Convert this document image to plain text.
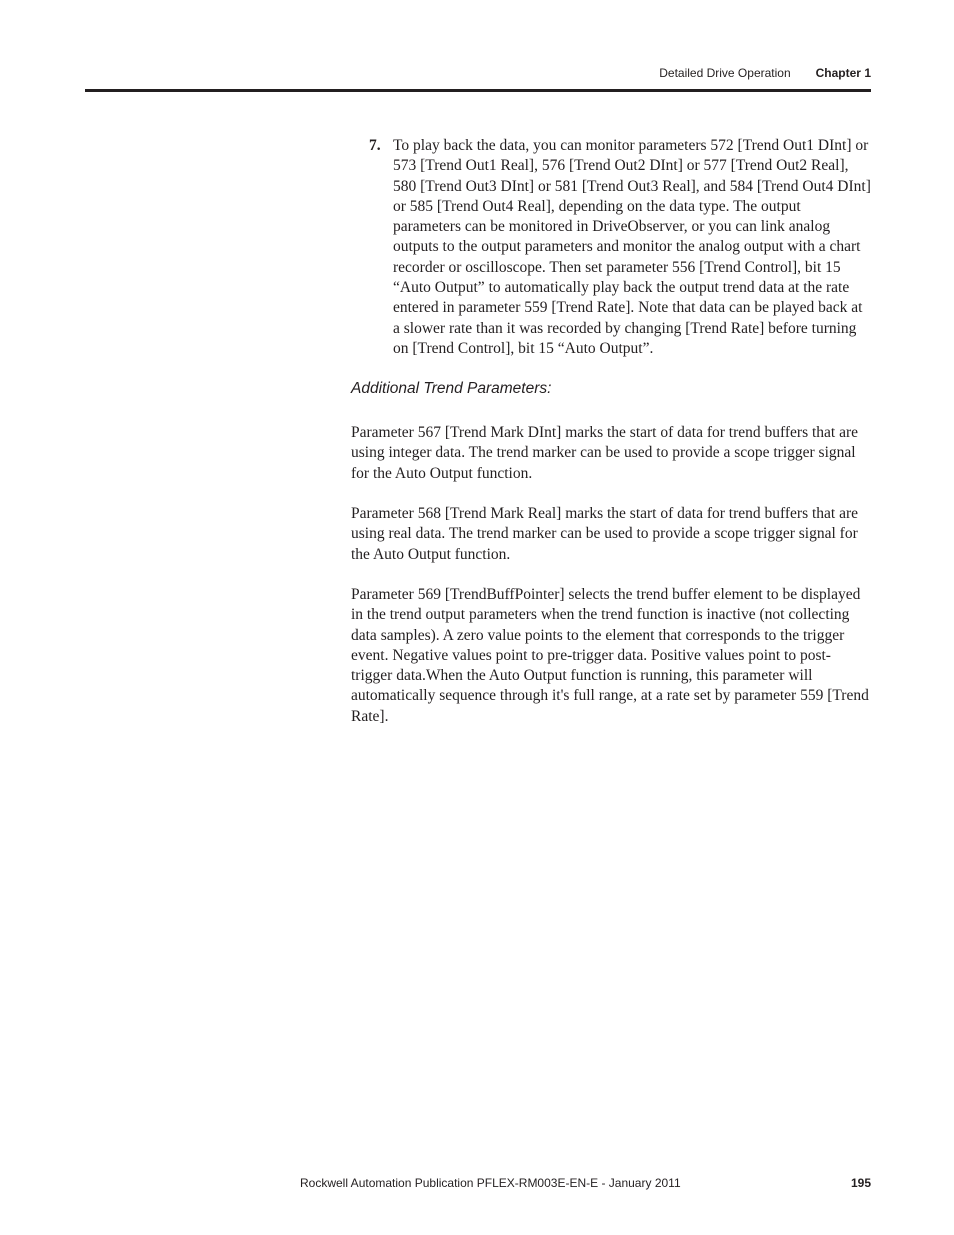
Detailed Drive Operation Chapter 1
7. To play back the data, you can monitor parameters 572 [Trend Out1 DInt] or 573 [Trend Out1 Real], 576 [Trend Out2 DInt] or 577 [Trend Out2 Real], 580 [Trend Out3 DInt] or 581 [Trend Out3 Real], and 584 [Trend Out4 DInt] or 585 [Trend Out4 Real], depending on the data type. The output parameters can be monitored in DriveObserver, or you can link analog outputs to the output parameters and monitor the analog output with a chart recorder or oscilloscope. Then set parameter 556 [Trend Control], bit 15 “Auto Output” to automatically play back the output trend data at the rate entered in parameter 559 [Trend Rate]. Note that data can be played back at a slower rate than it was recorded by changing [Trend Rate] before turning on [Trend Control], bit 15 “Auto Output”.
Additional Trend Parameters:

Parameter 567 [Trend Mark DInt] marks the start of data for trend buffers that are using integer data. The trend marker can be used to provide a scope trigger signal for the Auto Output function.

Parameter 568 [Trend Mark Real] marks the start of data for trend buffers that are using real data. The trend marker can be used to provide a scope trigger signal for the Auto Output function.

Parameter 569 [TrendBuffPointer] selects the trend buffer element to be displayed in the trend output parameters when the trend function is inactive (not collecting data samples). A zero value points to the element that corresponds to the trigger event. Negative values point to pre-trigger data. Positive values point to post-trigger data.When the Auto Output function is running, this parameter will automatically sequence through it's full range, at a rate set by parameter 559 [Trend Rate].

Rockwell Automation Publication PFLEX-RM003E-EN-E - January 2011	195
